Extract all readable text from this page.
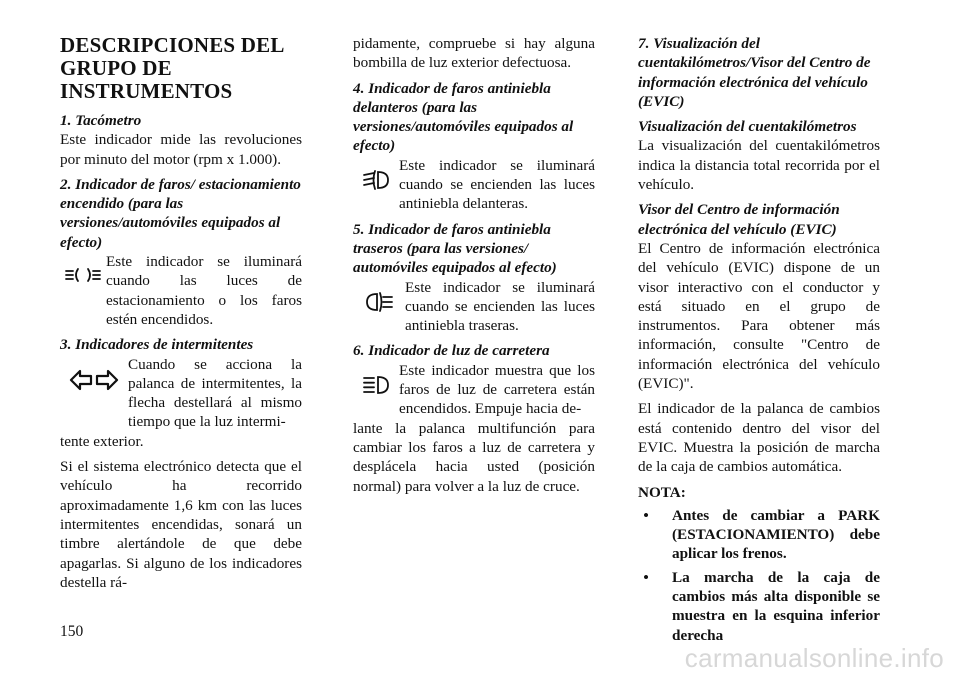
DESCRIPCIONES DEL GRUPO DE INSTRUMENTOS
1. Tacómetro

Este indicador mide las revoluciones por minuto del motor (rpm x 1.000).

2. Indicador de faros/ estacionamiento encendido (para las versiones/automóviles equipados al efecto)
Este indicador se iluminará cuando las luces de estacionamiento o los faros estén encendidos.
3. Indicadores de intermitentes
Cuando se acciona la palanca de intermitentes, la flecha destellará al mismo tiempo que la luz intermi-

tente exterior.

Si el sistema electrónico detecta que el vehículo ha recorrido aproximadamente 1,6 km con las luces intermitentes encendidas, sonará un timbre alertándole de que debe apagarlas. Si alguno de los indicadores destella rá-

pidamente, compruebe si hay alguna bombilla de luz exterior defectuosa.

4. Indicador de faros antiniebla delanteros (para las versiones/automóviles equipados al efecto)
Este indicador se iluminará cuando se encienden las luces antiniebla delanteras.
5. Indicador de faros antiniebla traseros (para las versiones/ automóviles equipados al efecto)
Este indicador se iluminará cuando se encienden las luces antiniebla traseras.
6. Indicador de luz de carretera
Este indicador muestra que los faros de luz de carretera están encendidos. Empuje hacia de-

lante la palanca multifunción para cambiar los faros a luz de carretera y desplácela hacia usted (posición normal) para volver a la luz de cruce.

7. Visualización del cuentakilómetros/Visor del Centro de información electrónica del vehículo (EVIC)
Visualización del cuentakilómetros

La visualización del cuentakilómetros indica la distancia total recorrida por el vehículo.

Visor del Centro de información electrónica del vehículo (EVIC)

El Centro de información electrónica del vehículo (EVIC) dispone de un visor interactivo con el conductor y está situado en el grupo de instrumentos. Para obtener más información, consulte "Centro de información electrónica del vehículo (EVIC)".

El indicador de la palanca de cambios está contenido dentro del visor del EVIC. Muestra la posición de marcha de la caja de cambios automática.

NOTA:
•	Antes de cambiar a PARK (ESTACIONAMIENTO) debe aplicar los frenos.
•	La marcha de la caja de cambios más alta disponible se muestra en la esquina inferior derecha
150
carmanualsonline.info
